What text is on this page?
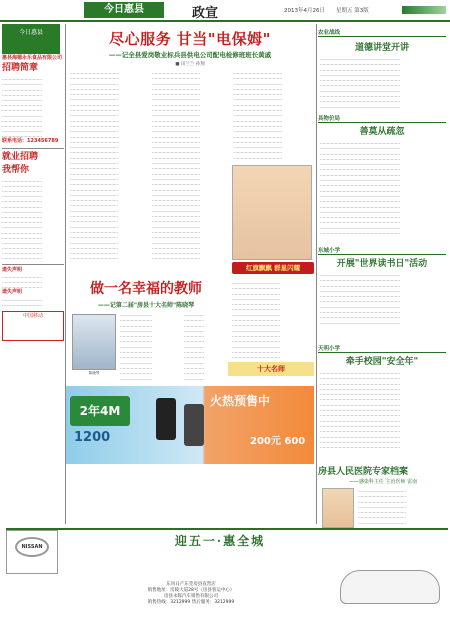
今日惠县	政宣	2013年4月26日 星期五 第3版
今日惠县
惠县海德永乐食品有限公司
招聘简章
…………………………
…………………………
…………………………
…………………………
…………………………
…………………………
…………………………
…………………………
…………………………
…………………………
…………………………
…………………………
联系电话：123456789
就业招聘
我帮你
…………………………
…………………………
…………………………
…………………………
…………………………
…………………………
…………………………
…………………………
…………………………
…………………………
…………………………
…………………………
…………………………
…………………………
…………………………
…………………………
遗失声明
…………………………
…………………………
…………………………
遗失声明
…………………………
…………………………
中国移动
尽心服务 甘当"电保姆"
——记全县爱岗敬业标兵县供电公司配电检修班班长黄戚
■ 田兰兰 孙翔
………………………………
………………………………
………………………………
………………………………
………………………………
………………………………
………………………………
………………………………
………………………………
………………………………
………………………………
………………………………
………………………………
………………………………
………………………………
………………………………
………………………………
………………………………
………………………………
………………………………
………………………………
………………………………
………………………………
………………………………
………………………………
………………………………
………………………………
………………………………
………………………………
………………………………
………………………………
………………………………
………………………………
………………………………
………………………………
………………………………
………………………………
………………………………
………………………………
………………………………
………………………………
………………………………
………………………………
………………………………
………………………………
………………………………
………………………………
………………………………
………………………………
………………………………
………………………………
………………………………
………………………………
………………………………
………………………………
………………………………
………………………………
………………………………
………………………………
………………………………
………………………………
………………………………
………………………………
………………………………
………………………………
………………………………
………………………………
………………………………
………………………………
………………………………
………………………………
………………………………
………………………………
………………………………
………………………………
………………………………
………………………………
………………………………
………………………………
………………………………
………………………………
………………………………
………………………………
………………………………
………………………………
………………………………
………………………………
………………………………
………………………………
红旗飘飘 群星闪耀
做一名幸福的教师
——记第二届"房县十大名师"陈晓琴
陈晓琴
……………………
……………………
……………………
……………………
……………………
……………………
……………………
……………………
……………………
……………………
……………………
……………………
……………………
……………
……………
……………
……………
……………
……………
……………
……………
……………
……………
……………
……………
……………
………………………………
………………………………
………………………………
………………………………
………………………………
………………………………
………………………………
………………………………
………………………………
………………………………
………………………………
………………………………
………………………………
………………………………
………………………………
十大名师
2年4M
1200
火热预售中
200元 600
农业战线
道德讲堂开讲
……………………………………………………
……………………………………………………
……………………………………………………
……………………………………………………
……………………………………………………
……………………………………………………
……………………………………………………
……………………………………………………
……………………………………………………
……………………………………………………
具物价局
善莫从疏忽
……………………………………………………
……………………………………………………
……………………………………………………
……………………………………………………
……………………………………………………
……………………………………………………
……………………………………………………
……………………………………………………
……………………………………………………
……………………………………………………
……………………………………………………
……………………………………………………
……………………………………………………
……………………………………………………
……………………………………………………
……………………………………………………
……………………………………………………
……………………………………………………
东城小学
开展"世界读书日"活动
……………………………………………………
……………………………………………………
……………………………………………………
……………………………………………………
……………………………………………………
……………………………………………………
……………………………………………………
……………………………………………………
……………………………………………………
……………………………………………………
天明小学
牵手校园"安全年"
……………………………………………………
……………………………………………………
……………………………………………………
……………………………………………………
……………………………………………………
……………………………………………………
……………………………………………………
……………………………………………………
……………………………………………………
……………………………………………………
……………………………………………………
……………………………………………………
……………………………………………………
……………………………………………………
……………………………………………………
房县人民医院专家档案
——感染科主任 主治医师 雷南
………………………………
………………………………
………………………………
………………………………
………………………………
………………………………
………………………………
NISSAN	迎五一·惠全城
东风日产东莞房县直营店
销售地址：房陵大道28号（房县客运中心）
房县永晖汽车销售有限公司
销售热线：3212999 售后服务：3212999
